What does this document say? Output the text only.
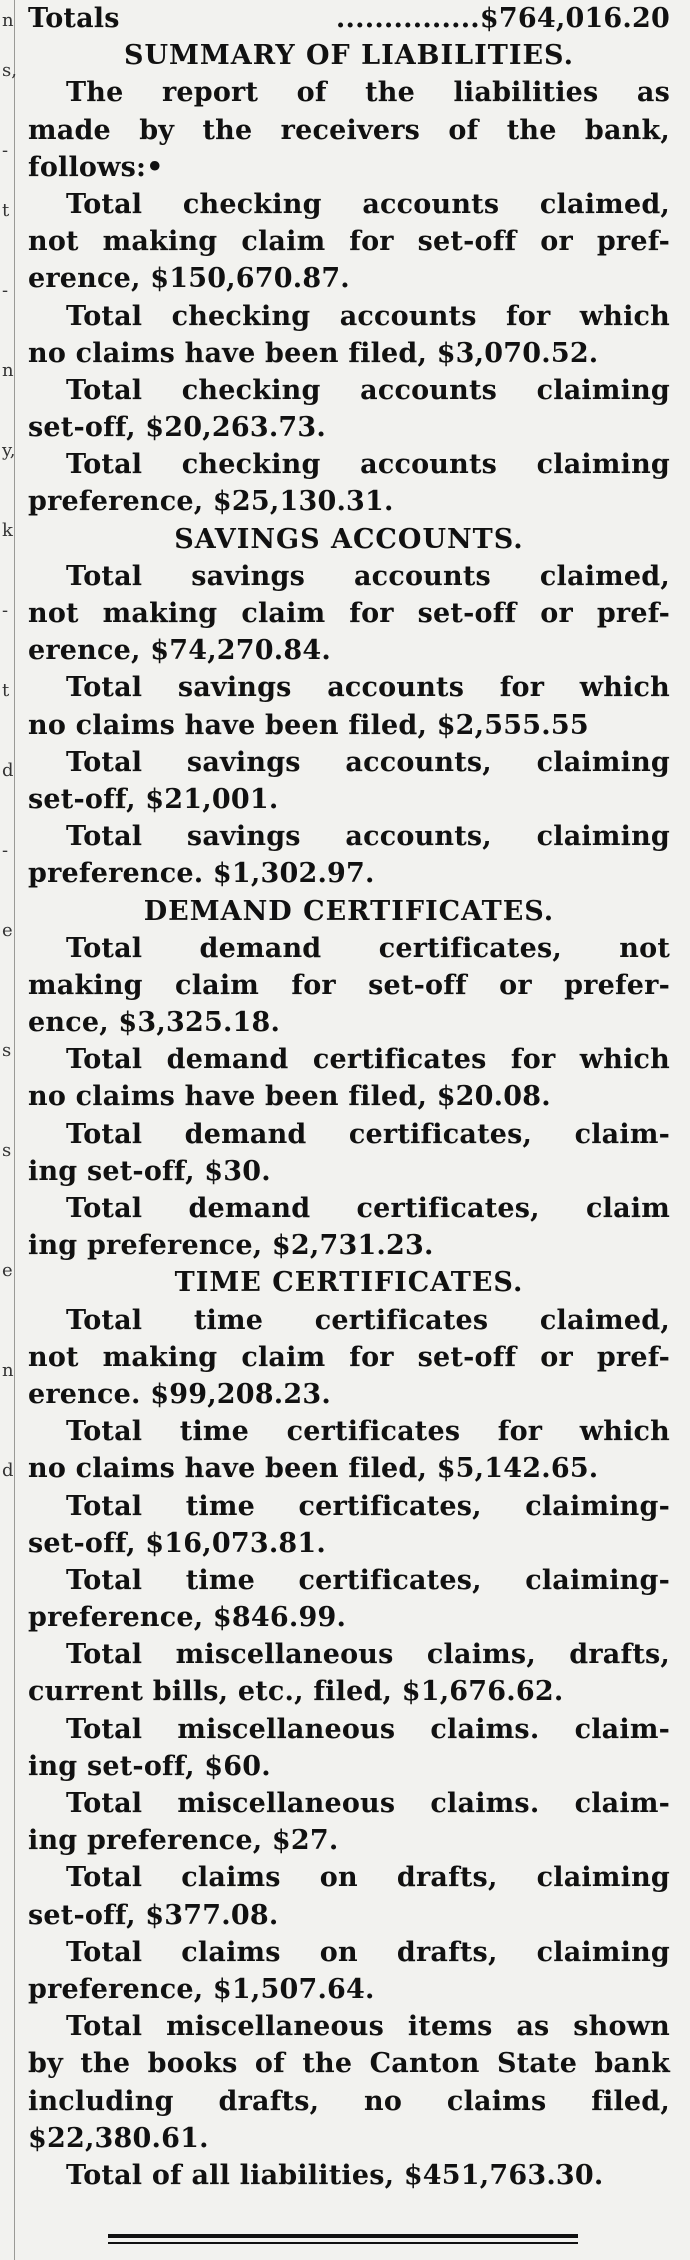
n
s,
-
t
-
n
y,
k
-
t
d
-
e
s
s
e
n
d
Totals ...............$764,016.20
SUMMARY OF LIABILITIES.
The report of the liabilities as
made by the receivers of the bank,
follows:•
Total checking accounts claimed,
not making claim for set-off or pref-
erence, $150,670.87.
Total checking accounts for which
no claims have been filed, $3,070.52.
Total checking accounts claiming
set-off, $20,263.73.
Total checking accounts claiming
preference, $25,130.31.
SAVINGS ACCOUNTS.
Total savings accounts claimed,
not making claim for set-off or pref-
erence, $74,270.84.
Total savings accounts for which
no claims have been filed, $2,555.55
Total savings accounts, claiming
set-off, $21,001.
Total savings accounts, claiming
preference. $1,302.97.
DEMAND CERTIFICATES.
Total demand certificates, not
making claim for set-off or prefer-
ence, $3,325.18.
Total demand certificates for which
no claims have been filed, $20.08.
Total demand certificates, claim-
ing set-off, $30.
Total demand certificates, claim
ing preference, $2,731.23.
TIME CERTIFICATES.
Total time certificates claimed,
not making claim for set-off or pref-
erence. $99,208.23.
Total time certificates for which
no claims have been filed, $5,142.65.
Total time certificates, claiming-
set-off, $16,073.81.
Total time certificates, claiming-
preference, $846.99.
Total miscellaneous claims, drafts,
current bills, etc., filed, $1,676.62.
Total miscellaneous claims. claim-
ing set-off, $60.
Total miscellaneous claims. claim-
ing preference, $27.
Total claims on drafts, claiming
set-off, $377.08.
Total claims on drafts, claiming
preference, $1,507.64.
Total miscellaneous items as shown
by the books of the Canton State bank
including drafts, no claims filed,
$22,380.61.
Total of all liabilities, $451,763.30.
